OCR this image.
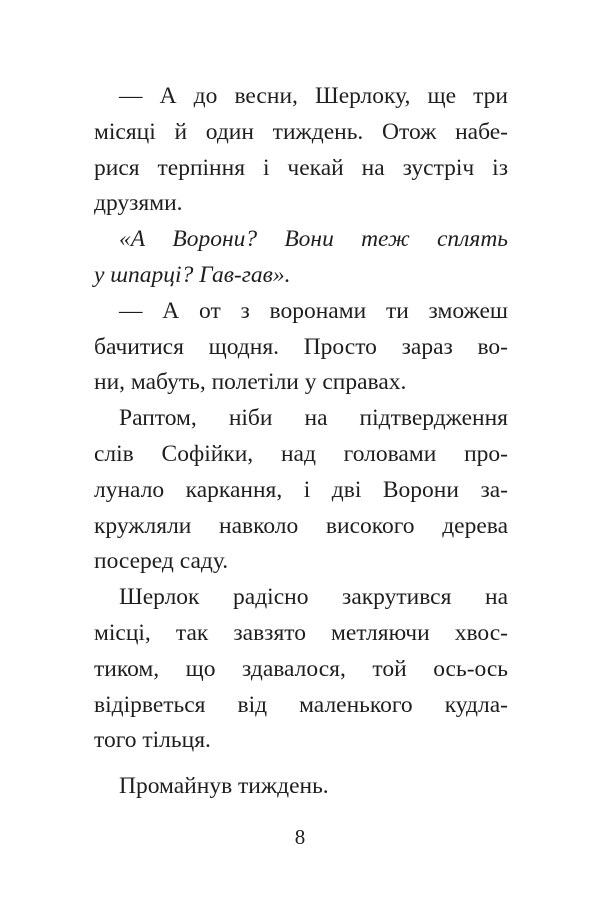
— А до весни, Шерлоку, ще три
місяці й один тиждень. Отож набе-
рися терпіння і чекай на зустріч із
друзями.
«А Ворони? Вони теж сплять
у шпарці? Гав-гав».
— А от з воронами ти зможеш
бачитися щодня. Просто зараз во-
ни, мабуть, полетіли у справах.
Раптом, ніби на підтвердження
слів Софійки, над головами про-
лунало каркання, і дві Ворони за-
кружляли навколо високого дерева
посеред саду.
Шерлок радісно закрутився на
місці, так завзято метляючи хвос-
тиком, що здавалося, той ось-ось
відірветься від маленького кудла-
того тільця.
Промайнув тиждень.
8
